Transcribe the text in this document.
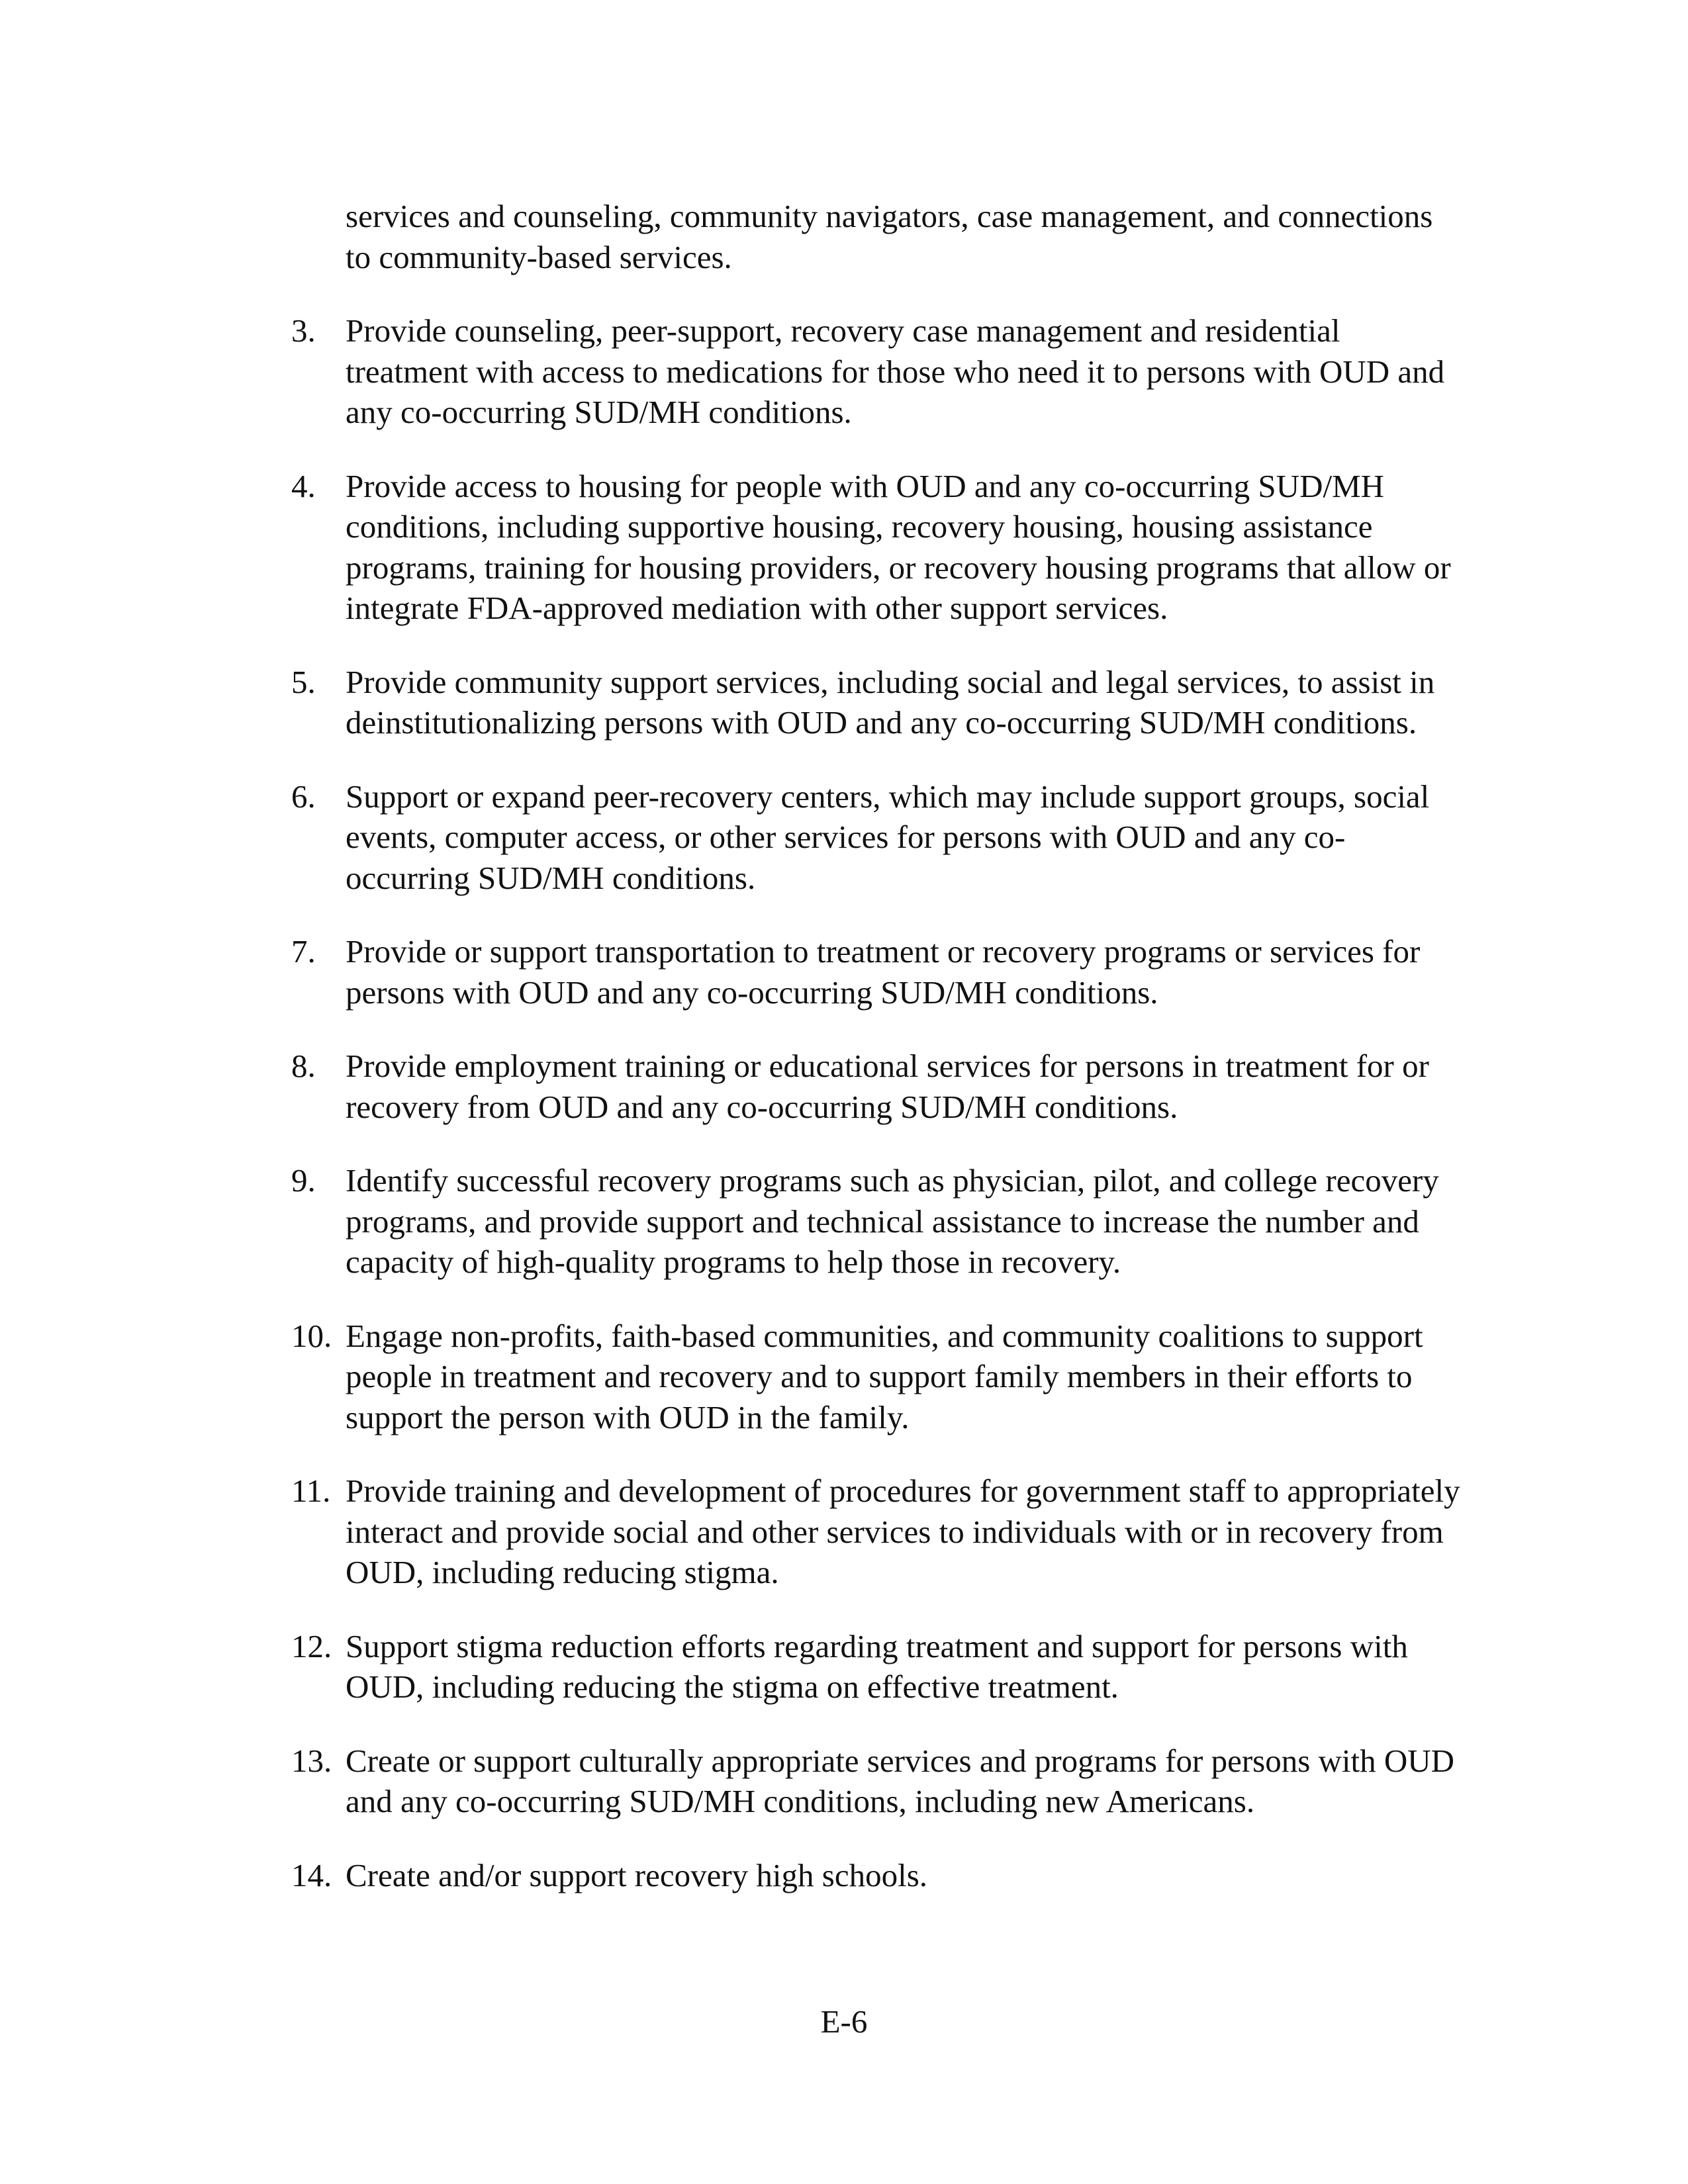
services and counseling, community navigators, case management, and connections
to community-based services.

3. Provide counseling, peer-support, recovery case management and residential
treatment with access to medications for those who need it to persons with OUD and
any co-occurring SUD/MH conditions.
4. Provide access to housing for people with OUD and any co-occurring SUD/MH
conditions, including supportive housing, recovery housing, housing assistance
programs, training for housing providers, or recovery housing programs that allow or
integrate FDA-approved mediation with other support services.
5. Provide community support services, including social and legal services, to assist in
deinstitutionalizing persons with OUD and any co-occurring SUD/MH conditions.
6. Support or expand peer-recovery centers, which may include support groups, social
events, computer access, or other services for persons with OUD and any co-
occurring SUD/MH conditions.
7. Provide or support transportation to treatment or recovery programs or services for
persons with OUD and any co-occurring SUD/MH conditions.
8. Provide employment training or educational services for persons in treatment for or
recovery from OUD and any co-occurring SUD/MH conditions.
9. Identify successful recovery programs such as physician, pilot, and college recovery
programs, and provide support and technical assistance to increase the number and
capacity of high-quality programs to help those in recovery.
10. Engage non-profits, faith-based communities, and community coalitions to support
people in treatment and recovery and to support family members in their efforts to
support the person with OUD in the family.
11. Provide training and development of procedures for government staff to appropriately
interact and provide social and other services to individuals with or in recovery from
OUD, including reducing stigma.
12. Support stigma reduction efforts regarding treatment and support for persons with
OUD, including reducing the stigma on effective treatment.
13. Create or support culturally appropriate services and programs for persons with OUD
and any co-occurring SUD/MH conditions, including new Americans.
14. Create and/or support recovery high schools.
E-6
